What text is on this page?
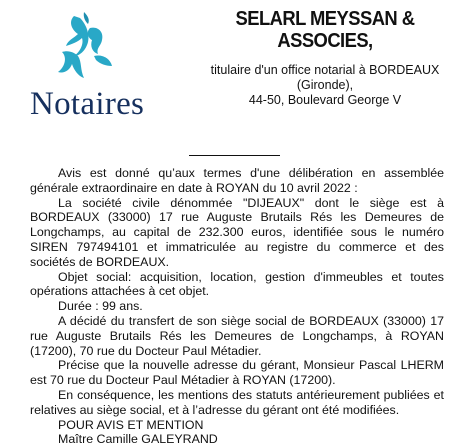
Notaires
SELARL MEYSSAN &
ASSOCIES,
titulaire d'un office notarial à BORDEAUX
(Gironde),
44-50, Boulevard George V

Avis est donné qu’aux termes d'une délibération en assemblée générale extraordinaire en date à ROYAN du 10 avril 2022 :

La société civile dénommée "DIJEAUX" dont le siège est à BORDEAUX (33000) 17 rue Auguste Brutails Rés les Demeures de Longchamps, au capital de 232.300 euros, identifiée sous le numéro SIREN 797494101 et immatriculée au registre du commerce et des sociétés de BORDEAUX.

Objet social: acquisition, location, gestion d'immeubles et toutes opérations attachées à cet objet.

Durée : 99 ans.

A décidé du transfert de son siège social de BORDEAUX (33000) 17 rue Auguste Brutails Rés les Demeures de Longchamps, à ROYAN (17200), 70 rue du Docteur Paul Métadier.

Précise que la nouvelle adresse du gérant, Monsieur Pascal LHERM est 70 rue du Docteur Paul Métadier à ROYAN (17200).

En conséquence, les mentions des statuts antérieurement publiées et relatives au siège social, et à l’adresse du gérant ont été modifiées.

POUR AVIS ET MENTION

Maître Camille GALEYRAND
